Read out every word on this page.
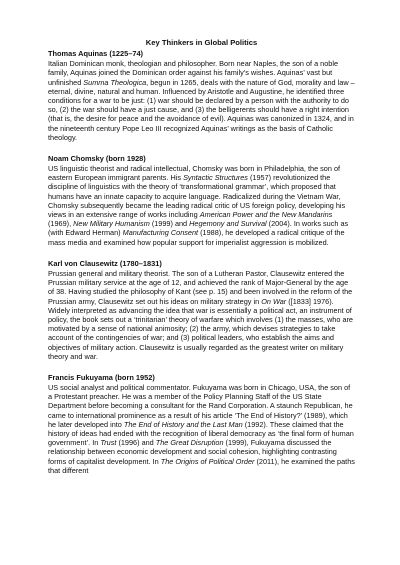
Key Thinkers in Global Politics
Thomas Aquinas (1225–74)

Italian Dominican monk, theologian and philosopher. Born near Naples, the son of a noble family, Aquinas joined the Dominican order against his family’s wishes. Aquinas’ vast but unfinished Summa Theologica, begun in 1265, deals with the nature of God, morality and law – eternal, divine, natural and human. Influenced by Aristotle and Augustine, he identified three conditions for a war to be just: (1) war should be declared by a person with the authority to do so, (2) the war should have a just cause, and (3) the belligerents should have a right intention (that is, the desire for peace and the avoidance of evil). Aquinas was canonized in 1324, and in the nineteenth century Pope Leo III recognized Aquinas’ writings as the basis of Catholic theology.

Noam Chomsky (born 1928)

US linguistic theorist and radical intellectual, Chomsky was born in Philadelphia, the son of eastern European immigrant parents. His Syntactic Structures (1957) revolutionized the discipline of linguistics with the theory of ‘transformational grammar’, which proposed that humans have an innate capacity to acquire language. Radicalized during the Vietnam War, Chomsky subsequently became the leading radical critic of US foreign policy, developing his views in an extensive range of works including American Power and the New Mandarins (1969), New Military Humanism (1999) and Hegemony and Survival (2004). In works such as (with Edward Herman) Manufacturing Consent (1988), he developed a radical critique of the mass media and examined how popular support for imperialist aggression is mobilized.

Karl von Clausewitz (1780–1831)

Prussian general and military theorist. The son of a Lutheran Pastor, Clausewitz entered the Prussian military service at the age of 12, and achieved the rank of Major-General by the age of 38. Having studied the philosophy of Kant (see p. 15) and been involved in the reform of the Prussian army, Clausewitz set out his ideas on military strategy in On War ([1833] 1976). Widely interpreted as advancing the idea that war is essentially a political act, an instrument of policy, the book sets out a ‘trinitarian’ theory of warfare which involves (1) the masses, who are motivated by a sense of national animosity; (2) the army, which devises strategies to take account of the contingencies of war; and (3) political leaders, who establish the aims and objectives of military action. Clausewitz is usually regarded as the greatest writer on military theory and war.

Francis Fukuyama (born 1952)

US social analyst and political commentator. Fukuyama was born in Chicago, USA, the son of a Protestant preacher. He was a member of the Policy Planning Staff of the US State Department before becoming a consultant for the Rand Corporation. A staunch Republican, he came to international prominence as a result of his article ‘The End of History?’ (1989), which he later developed into The End of History and the Last Man (1992). These claimed that the history of ideas had ended with the recognition of liberal democracy as ‘the final form of human government’. In Trust (1996) and The Great Disruption (1999), Fukuyama discussed the relationship between economic development and social cohesion, highlighting contrasting forms of capitalist development. In The Origins of Political Order (2011), he examined the paths that different
